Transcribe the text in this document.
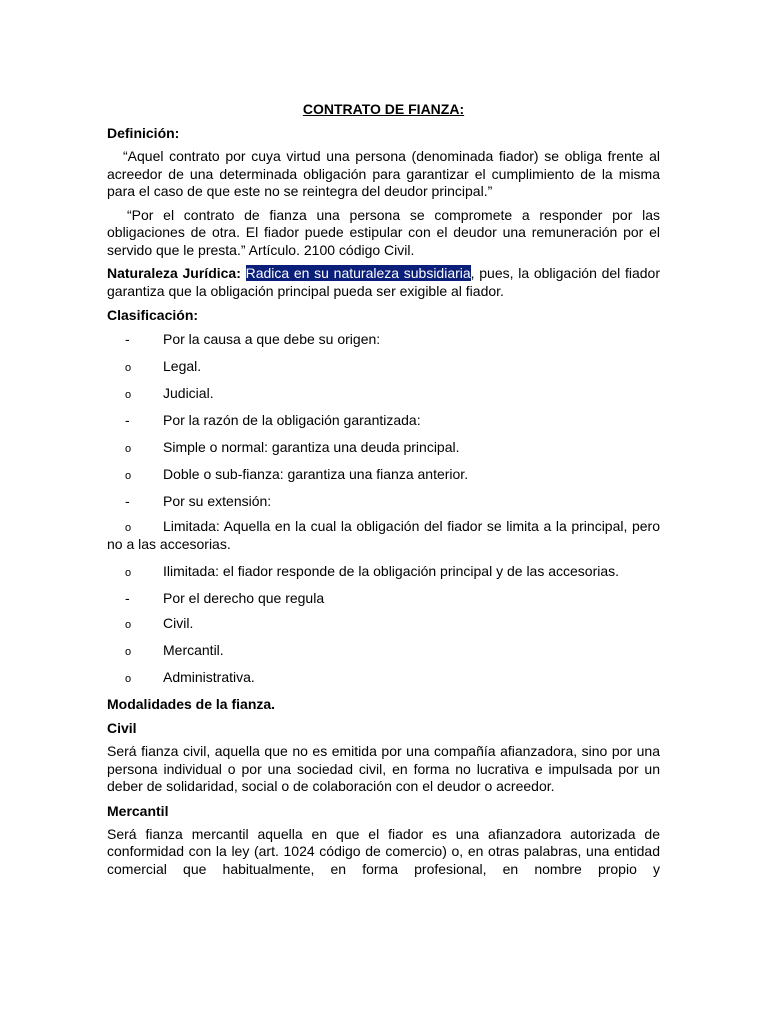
CONTRATO DE FIANZA:
Definición:

“Aquel contrato por cuya virtud una persona (denominada fiador) se obliga frente al acreedor de una determinada obligación para garantizar el cumplimiento de la misma para el caso de que este no se reintegra del deudor principal.”

“Por el contrato de fianza una persona se compromete a responder por las obligaciones de otra. El fiador puede estipular con el deudor una remuneración por el servido que le presta.” Artículo. 2100 código Civil.

Naturaleza Jurídica: Radica en su naturaleza subsidiaria, pues, la obligación del fiador garantiza que la obligación principal pueda ser exigible al fiador.

Clasificación:
-	Por la causa a que debe su origen:
o	Legal.
o	Judicial.
-	Por la razón de la obligación garantizada:
o	Simple o normal: garantiza una deuda principal.
o	Doble o sub-fianza: garantiza una fianza anterior.
-	Por su extensión:
o	Limitada: Aquella en la cual la obligación del fiador se limita a la principal, pero no a las accesorias.
o	Ilimitada: el fiador responde de la obligación principal y de las accesorias.
-	Por el derecho que regula
o	Civil.
o	Mercantil.
o	Administrativa.
Modalidades de la fianza.
Civil

Será fianza civil, aquella que no es emitida por una compañía afianzadora, sino por una persona individual o por una sociedad civil, en forma no lucrativa e impulsada por un deber de solidaridad, social o de colaboración con el deudor o acreedor.

Mercantil

Será fianza mercantil aquella en que el fiador es una afianzadora autorizada de conformidad con la ley (art. 1024 código de comercio) o, en otras palabras, una entidad comercial que habitualmente, en forma profesional, en nombre propio y
